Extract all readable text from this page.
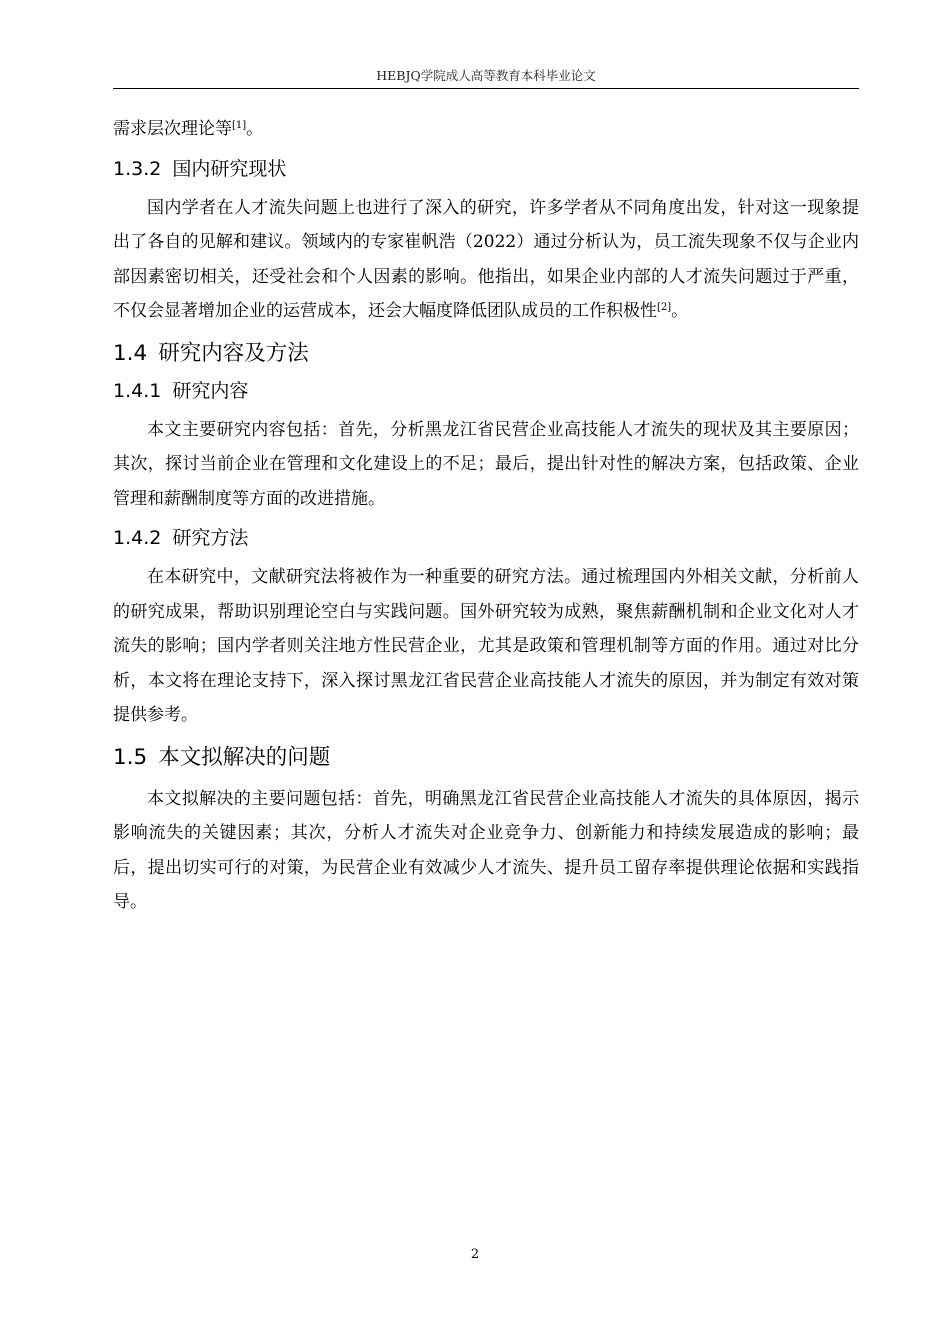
HEBJQ学院成人高等教育本科毕业论文

需求层次理论等[1]。

1.3.2 国内研究现状

国内学者在人才流失问题上也进行了深入的研究，许多学者从不同角度出发，针对这一现象提出了各自的见解和建议。领域内的专家崔帆浩（2022）通过分析认为，员工流失现象不仅与企业内部因素密切相关，还受社会和个人因素的影响。他指出，如果企业内部的人才流失问题过于严重，不仅会显著增加企业的运营成本，还会大幅度降低团队成员的工作积极性[2]。

1.4 研究内容及方法
1.4.1 研究内容

本文主要研究内容包括：首先，分析黑龙江省民营企业高技能人才流失的现状及其主要原因；其次，探讨当前企业在管理和文化建设上的不足；最后，提出针对性的解决方案，包括政策、企业管理和薪酬制度等方面的改进措施。

1.4.2 研究方法

在本研究中，文献研究法将被作为一种重要的研究方法。通过梳理国内外相关文献，分析前人的研究成果，帮助识别理论空白与实践问题。国外研究较为成熟，聚焦薪酬机制和企业文化对人才流失的影响；国内学者则关注地方性民营企业，尤其是政策和管理机制等方面的作用。通过对比分析，本文将在理论支持下，深入探讨黑龙江省民营企业高技能人才流失的原因，并为制定有效对策提供参考。

1.5 本文拟解决的问题

本文拟解决的主要问题包括：首先，明确黑龙江省民营企业高技能人才流失的具体原因，揭示影响流失的关键因素；其次，分析人才流失对企业竞争力、创新能力和持续发展造成的影响；最后，提出切实可行的对策，为民营企业有效减少人才流失、提升员工留存率提供理论依据和实践指导。

2
